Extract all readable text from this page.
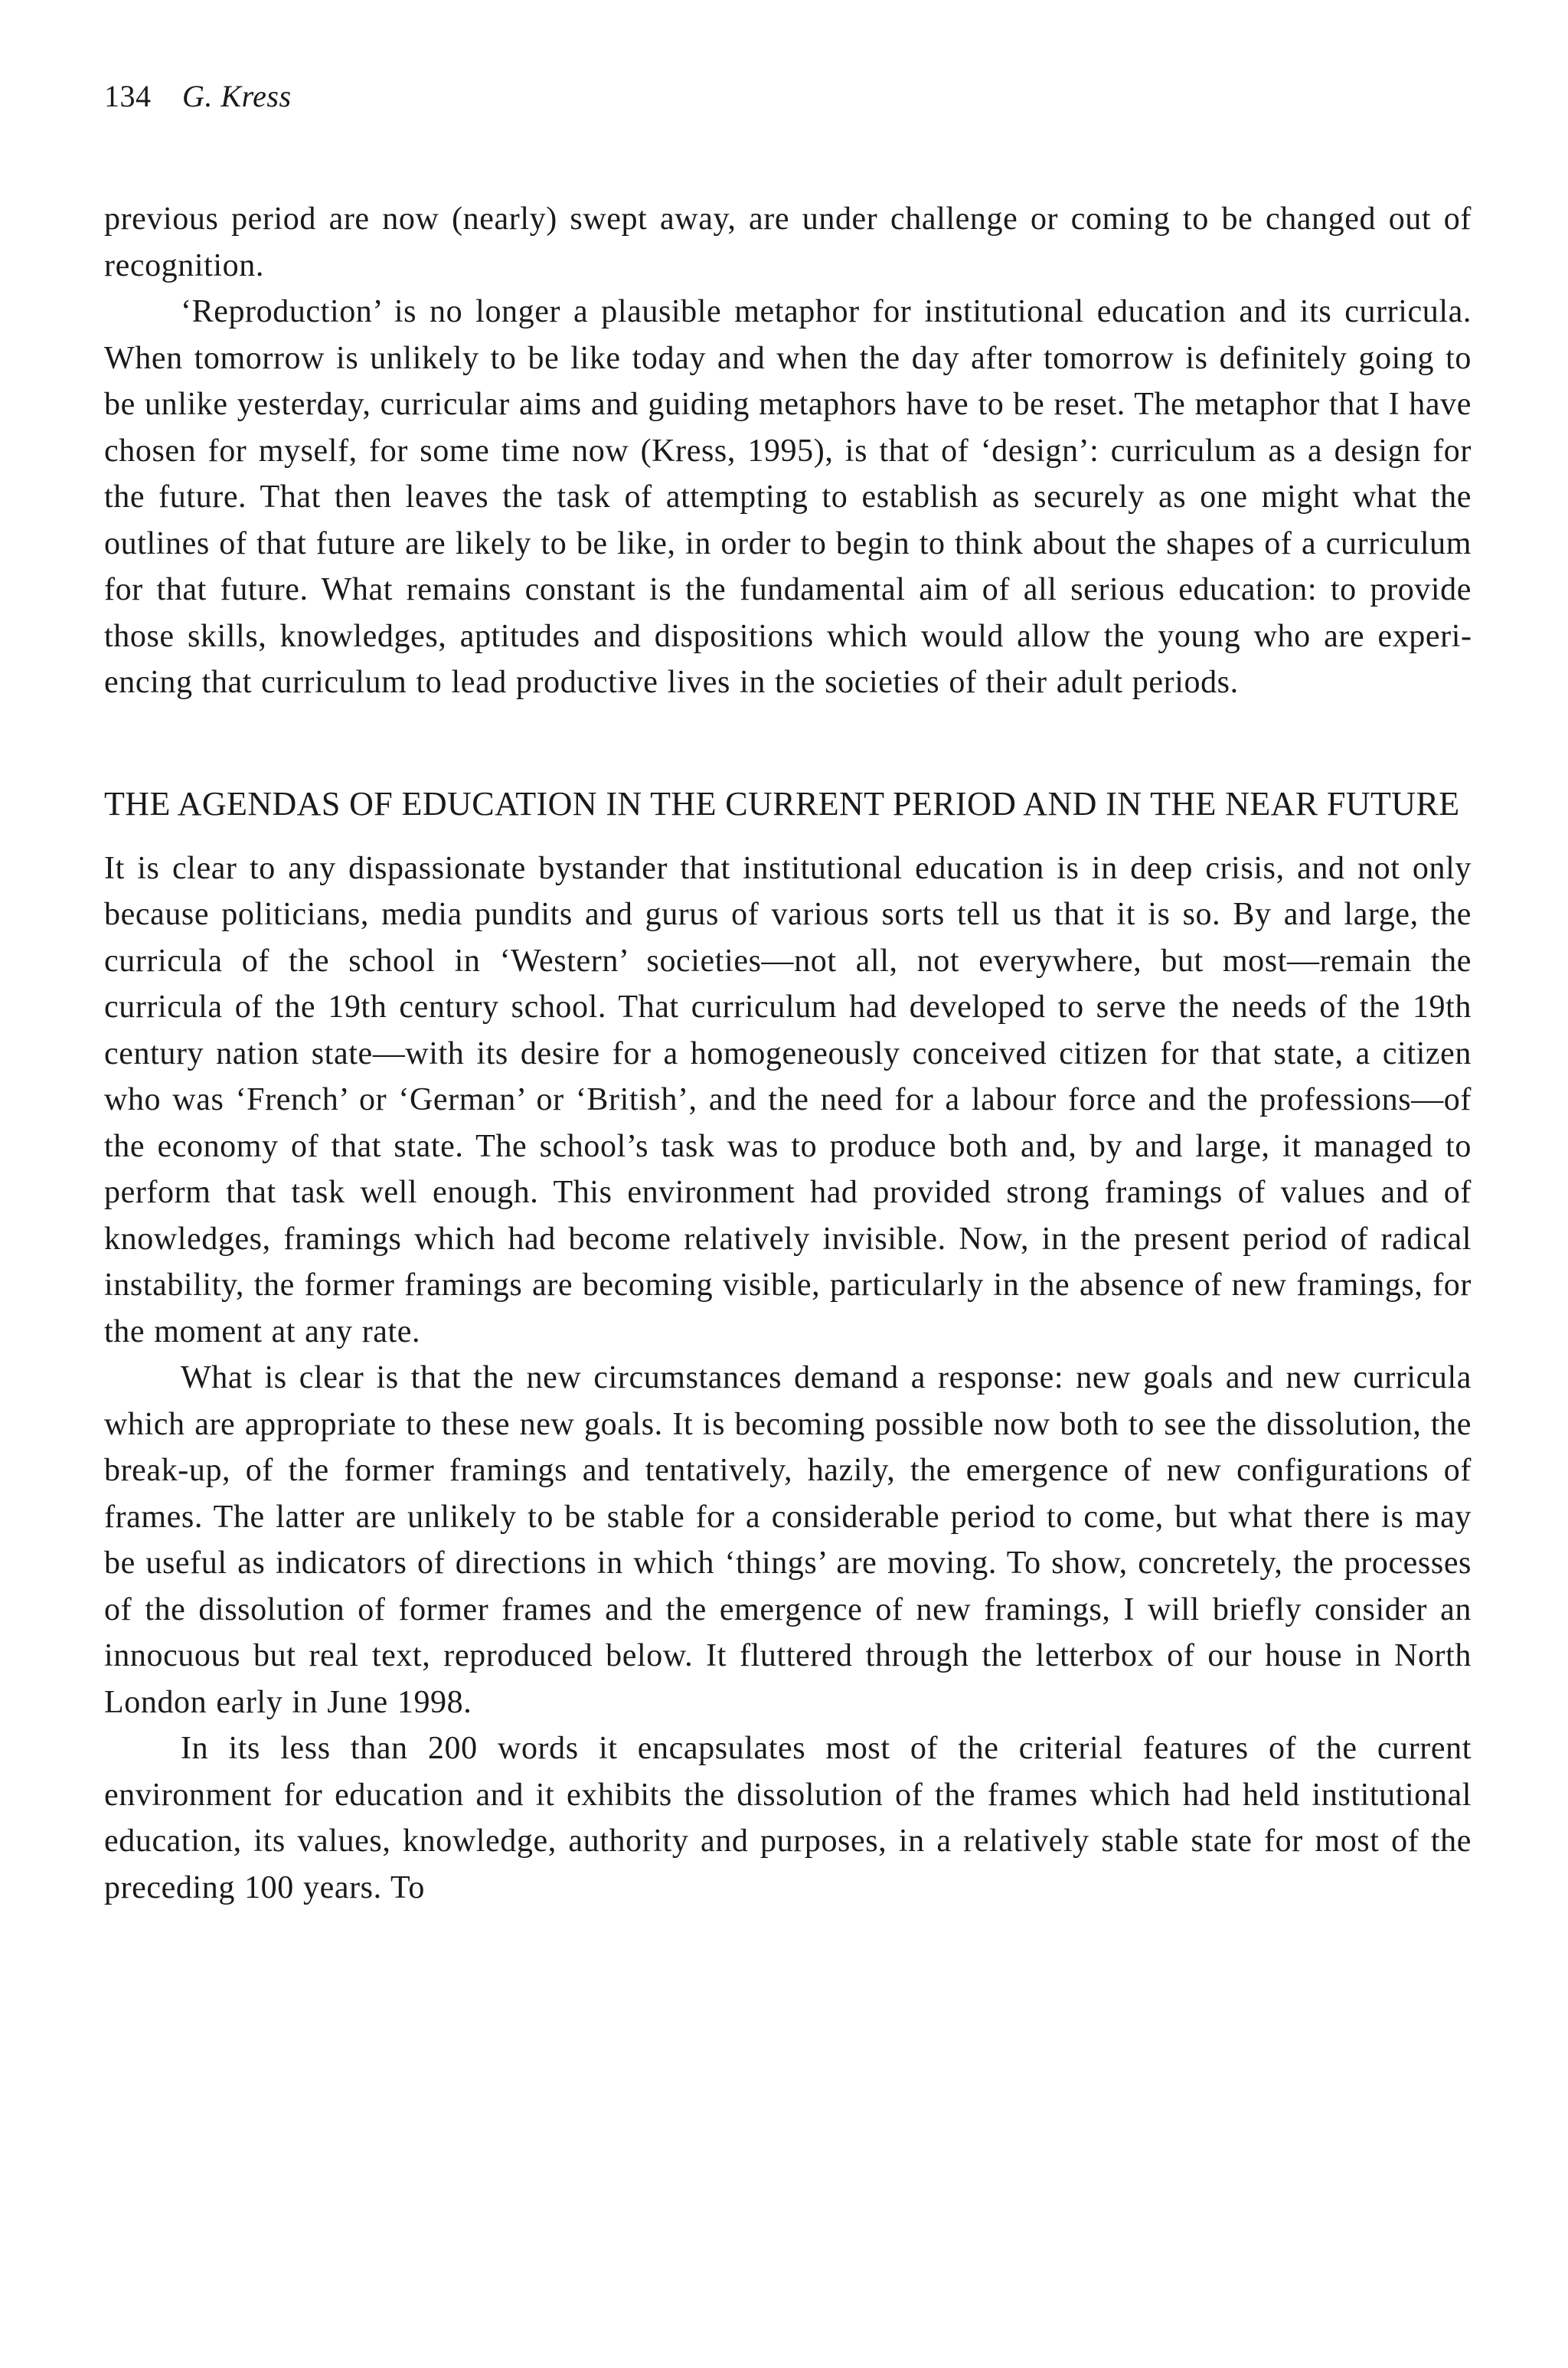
134 G. Kress

previous period are now (nearly) swept away, are under challenge or coming to be changed out of recognition.

‘Reproduction’ is no longer a plausible metaphor for institutional education and its curricula. When tomorrow is unlikely to be like today and when the day after tomorrow is definitely going to be unlike yesterday, curricular aims and guiding metaphors have to be reset. The metaphor that I have chosen for myself, for some time now (Kress, 1995), is that of ‘design’: curriculum as a design for the future. That then leaves the task of attempting to establish as securely as one might what the outlines of that future are likely to be like, in order to begin to think about the shapes of a curriculum for that future. What remains constant is the fundamental aim of all serious education: to provide those skills, knowledges, aptitudes and dispositions which would allow the young who are experiencing that curriculum to lead productive lives in the societies of their adult periods.

THE AGENDAS OF EDUCATION IN THE CURRENT PERIOD AND IN THE NEAR FUTURE

It is clear to any dispassionate bystander that institutional education is in deep crisis, and not only because politicians, media pundits and gurus of various sorts tell us that it is so. By and large, the curricula of the school in ‘Western’ societies—not all, not everywhere, but most—remain the curricula of the 19th century school. That curriculum had developed to serve the needs of the 19th century nation state—with its desire for a homogeneously conceived citizen for that state, a citizen who was ‘French’ or ‘German’ or ‘British’, and the need for a labour force and the professions—of the economy of that state. The school’s task was to produce both and, by and large, it managed to perform that task well enough. This environment had provided strong framings of values and of knowledges, framings which had become relatively invisible. Now, in the present period of radical instability, the former framings are becoming visible, particularly in the absence of new framings, for the moment at any rate.

What is clear is that the new circumstances demand a response: new goals and new curricula which are appropriate to these new goals. It is becoming possible now both to see the dissolution, the break-up, of the former framings and tentatively, hazily, the emergence of new configurations of frames. The latter are unlikely to be stable for a considerable period to come, but what there is may be useful as indicators of directions in which ‘things’ are moving. To show, concretely, the processes of the dissolution of former frames and the emergence of new framings, I will briefly consider an innocuous but real text, reproduced below. It fluttered through the letterbox of our house in North London early in June 1998.

In its less than 200 words it encapsulates most of the criterial features of the current environment for education and it exhibits the dissolution of the frames which had held institutional education, its values, knowledge, authority and purposes, in a relatively stable state for most of the preceding 100 years. To
